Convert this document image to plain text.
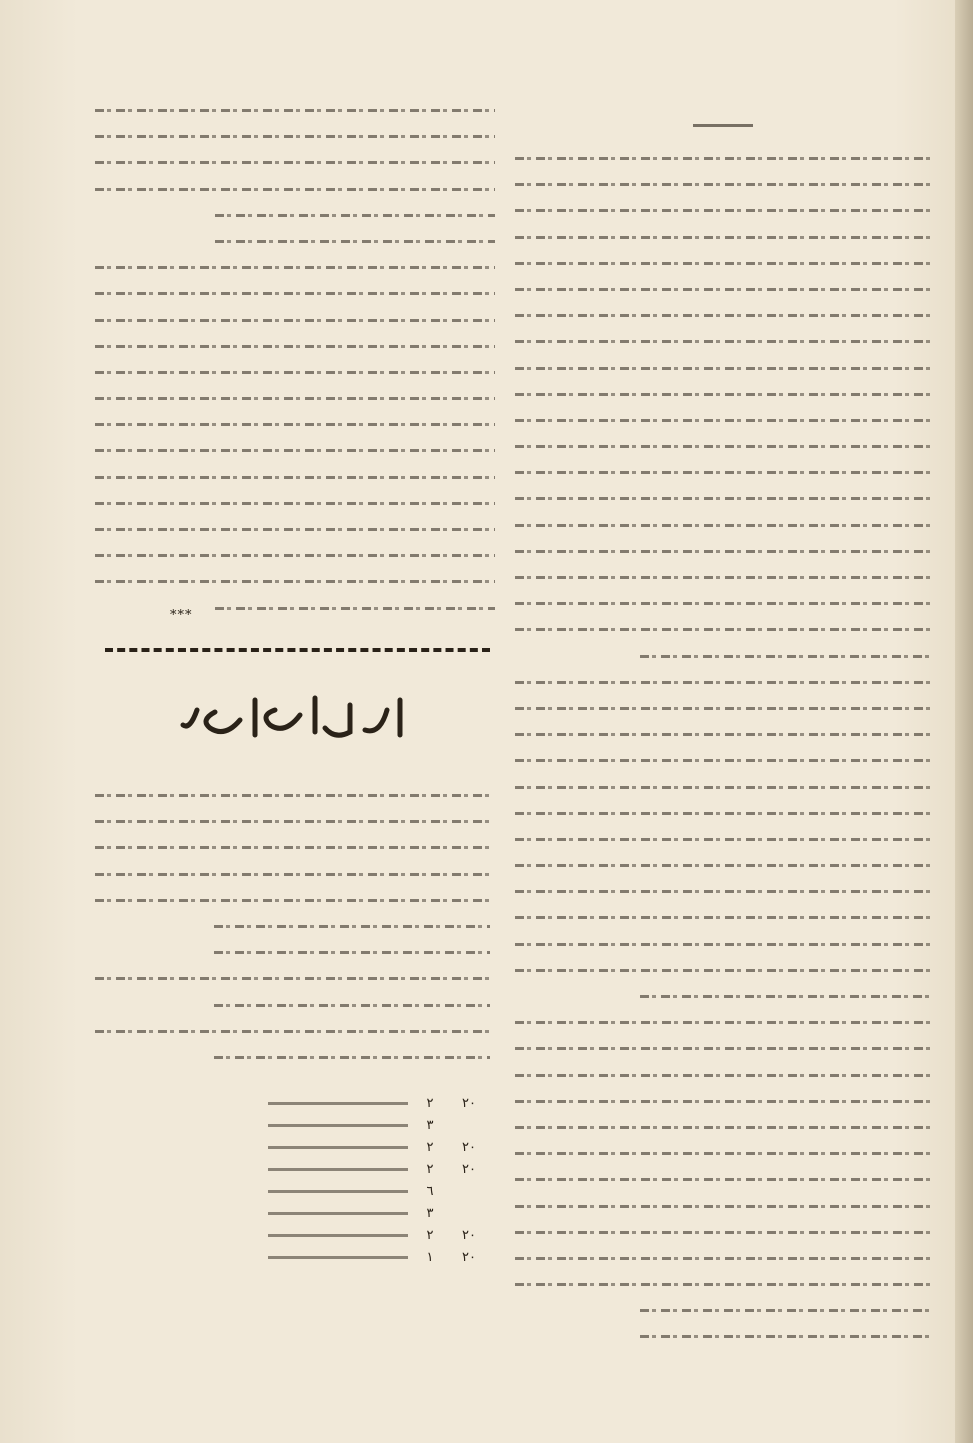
***
٢٠	٢		
	٣		
٢٠	٢		
٢٠	٢		
	٦		
	٣		
٢٠	٢		
٢٠	١		
